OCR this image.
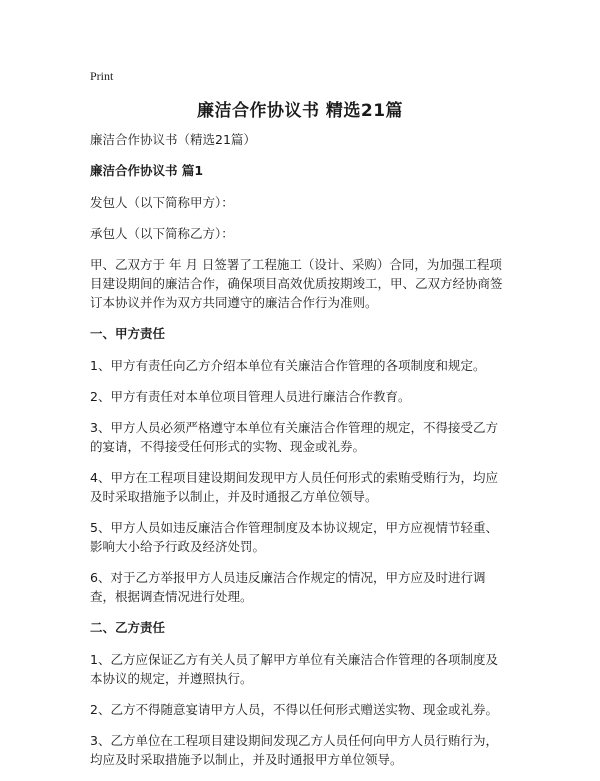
Print
廉洁合作协议书 精选21篇

廉洁合作协议书（精选21篇）

廉洁合作协议书 篇1

发包人（以下简称甲方）：

承包人（以下简称乙方）：

甲、乙双方于 年 月 日签署了工程施工（设计、采购）合同，为加强工程项目建设期间的廉洁合作，确保项目高效优质按期竣工，甲、乙双方经协商签订本协议并作为双方共同遵守的廉洁合作行为准则。

一、甲方责任

1、甲方有责任向乙方介绍本单位有关廉洁合作管理的各项制度和规定。

2、甲方有责任对本单位项目管理人员进行廉洁合作教育。

3、甲方人员必须严格遵守本单位有关廉洁合作管理的规定，不得接受乙方的宴请，不得接受任何形式的实物、现金或礼券。

4、甲方在工程项目建设期间发现甲方人员任何形式的索贿受贿行为，均应及时采取措施予以制止，并及时通报乙方单位领导。

5、甲方人员如违反廉洁合作管理制度及本协议规定，甲方应视情节轻重、影响大小给予行政及经济处罚。

6、对于乙方举报甲方人员违反廉洁合作规定的情况，甲方应及时进行调查，根据调查情况进行处理。

二、乙方责任

1、乙方应保证乙方有关人员了解甲方单位有关廉洁合作管理的各项制度及本协议的规定，并遵照执行。

2、乙方不得随意宴请甲方人员，不得以任何形式赠送实物、现金或礼券。

3、乙方单位在工程项目建设期间发现乙方人员任何向甲方人员行贿行为，均应及时采取措施予以制止，并及时通报甲方单位领导。
